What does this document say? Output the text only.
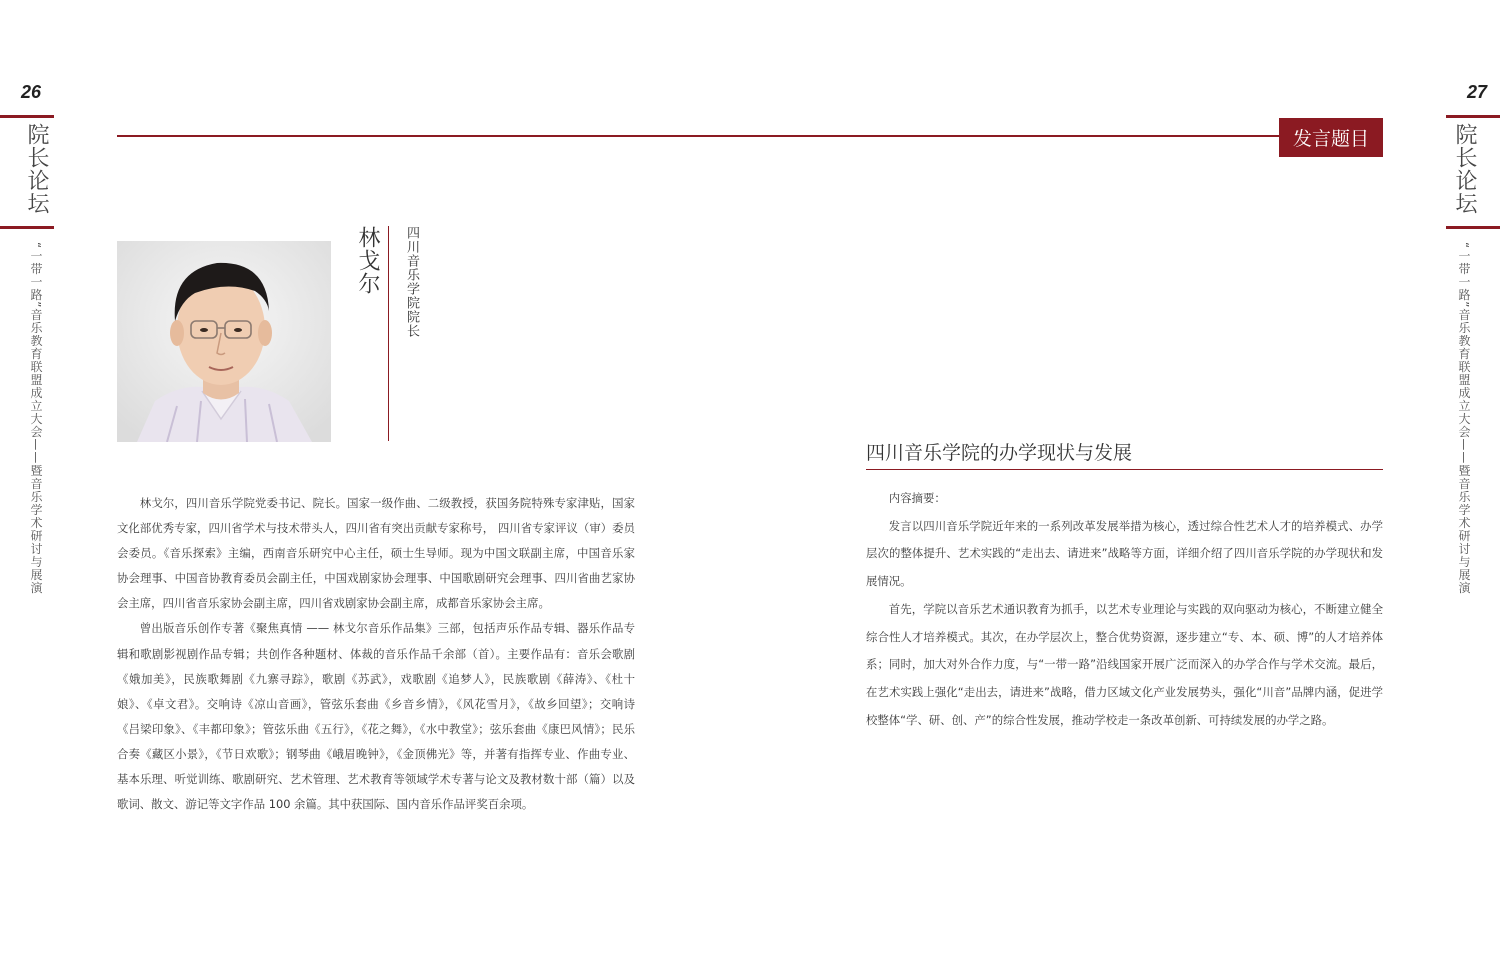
26
院长论坛
“一带一路”音乐教育联盟成立大会——暨音乐学术研讨与展演
27
院长论坛
“一带一路”音乐教育联盟成立大会——暨音乐学术研讨与展演
发言题目
林戈尔 四川音乐学院院长

林戈尔，四川音乐学院党委书记、院长。国家一级作曲、二级教授，获国务院特殊专家津贴，国家文化部优秀专家，四川省学术与技术带头人，四川省有突出贡献专家称号， 四川省专家评议（审）委员会委员。《音乐探索》主编，西南音乐研究中心主任，硕士生导师。现为中国文联副主席，中国音乐家协会理事、中国音协教育委员会副主任，中国戏剧家协会理事、中国歌剧研究会理事、四川省曲艺家协会主席，四川省音乐家协会副主席，四川省戏剧家协会副主席，成都音乐家协会主席。

曾出版音乐创作专著《聚焦真情 —— 林戈尔音乐作品集》三部，包括声乐作品专辑、器乐作品专辑和歌剧影视剧作品专辑；共创作各种题材、体裁的音乐作品千余部（首）。主要作品有：音乐会歌剧《娥加美》，民族歌舞剧《九寨寻踪》，歌剧《苏武》，戏歌剧《追梦人》，民族歌剧《薛涛》、《杜十娘》、《卓文君》。交响诗《凉山音画》，管弦乐套曲《乡音乡情》，《风花雪月》，《故乡回望》；交响诗《吕梁印象》、《丰都印象》；管弦乐曲《五行》，《花之舞》，《水中教堂》；弦乐套曲《康巴风情》；民乐合奏《藏区小景》，《节日欢歌》；钢琴曲《峨眉晚钟》，《金顶佛光》等，并著有指挥专业、作曲专业、基本乐理、听觉训练、歌剧研究、艺术管理、艺术教育等领域学术专著与论文及教材数十部（篇）以及歌词、散文、游记等文字作品 100 余篇。其中获国际、国内音乐作品评奖百余项。

四川音乐学院的办学现状与发展

内容摘要：

发言以四川音乐学院近年来的一系列改革发展举措为核心，透过综合性艺术人才的培养模式、办学层次的整体提升、艺术实践的“走出去、请进来”战略等方面，详细介绍了四川音乐学院的办学现状和发展情况。

首先，学院以音乐艺术通识教育为抓手，以艺术专业理论与实践的双向驱动为核心，不断建立健全综合性人才培养模式。其次，在办学层次上，整合优势资源，逐步建立“专、本、硕、博”的人才培养体系；同时，加大对外合作力度，与“一带一路”沿线国家开展广泛而深入的办学合作与学术交流。最后，在艺术实践上强化“走出去，请进来”战略，借力区域文化产业发展势头，强化“川音”品牌内涵，促进学校整体“学、研、创、产”的综合性发展，推动学校走一条改革创新、可持续发展的办学之路。
